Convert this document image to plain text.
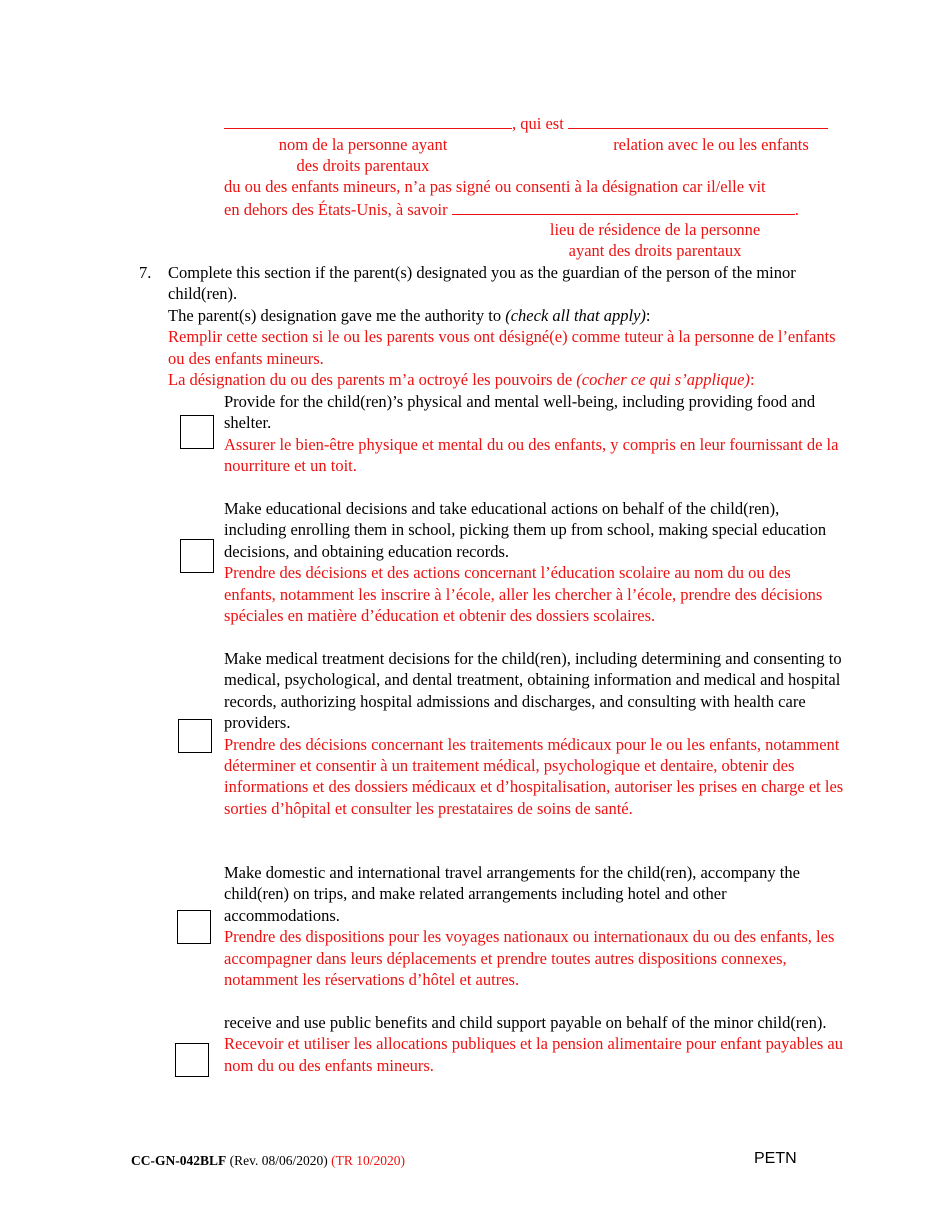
, qui est
nom de la personne ayant
des droits parentaux
relation avec le ou les enfants
du ou des enfants mineurs, n’a pas signé ou consenti à la désignation car il/elle vit
en dehors des États-Unis, à savoir	.
lieu de résidence de la personne
ayant des droits parentaux
7. Complete this section if the parent(s) designated you as the guardian of the person of the minor child(ren).
The parent(s) designation gave me the authority to (check all that apply):
Remplir cette section si le ou les parents vous ont désigné(e) comme tuteur à la personne de l’enfants ou des enfants mineurs.
La désignation du ou des parents m’a octroyé les pouvoirs de (cocher ce qui s’applique):
Provide for the child(ren)’s physical and mental well-being, including providing food and shelter.
Assurer le bien-être physique et mental du ou des enfants, y compris en leur fournissant de la nourriture et un toit.
Make educational decisions and take educational actions on behalf of the child(ren), including enrolling them in school, picking them up from school, making special education decisions, and obtaining education records.
Prendre des décisions et des actions concernant l’éducation scolaire au nom du ou des enfants, notamment les inscrire à l’école, aller les chercher à l’école, prendre des décisions spéciales en matière d’éducation et obtenir des dossiers scolaires.
Make medical treatment decisions for the child(ren), including determining and consenting to medical, psychological, and dental treatment, obtaining information and medical and hospital records, authorizing hospital admissions and discharges, and consulting with health care providers.
Prendre des décisions concernant les traitements médicaux pour le ou les enfants, notamment déterminer et consentir à un traitement médical, psychologique et dentaire, obtenir des informations et des dossiers médicaux et d’hospitalisation, autoriser les prises en charge et les sorties d’hôpital et consulter les prestataires de soins de santé.
Make domestic and international travel arrangements for the child(ren), accompany the child(ren) on trips, and make related arrangements including hotel and other accommodations.
Prendre des dispositions pour les voyages nationaux ou internationaux du ou des enfants, les accompagner dans leurs déplacements et prendre toutes autres dispositions connexes, notamment les réservations d’hôtel et autres.
receive and use public benefits and child support payable on behalf of the minor child(ren).
Recevoir et utiliser les allocations publiques et la pension alimentaire pour enfant payables au nom du ou des enfants mineurs.
CC-GN-042BLF (Rev. 08/06/2020) (TR 10/2020)	PETN
